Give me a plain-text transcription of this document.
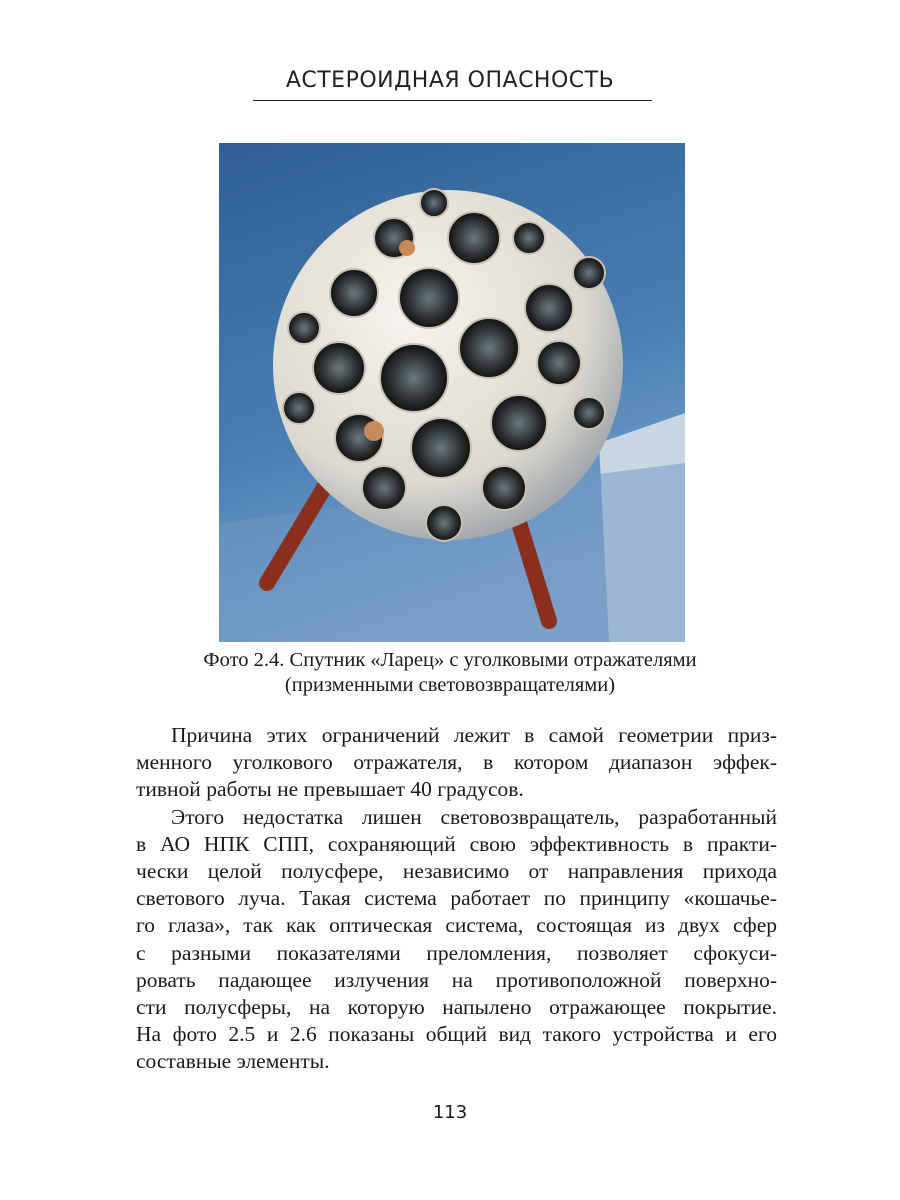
АСТЕРОИДНАЯ ОПАСНОСТЬ
Фото 2.4. Спутник «Ларец» с уголковыми отражателями
(призменными световозвращателями)
Причина этих ограничений лежит в самой геометрии приз-
менного уголкового отражателя, в котором диапазон эффек-
тивной работы не превышает 40 градусов.
Этого недостатка лишен световозвращатель, разработанный
в АО НПК СПП, сохраняющий свою эффективность в практи-
чески целой полусфере, независимо от направления прихода
светового луча. Такая система работает по принципу «кошачье-
го глаза», так как оптическая система, состоящая из двух сфер
с разными показателями преломления, позволяет сфокуси-
ровать падающее излучения на противоположной поверхно-
сти полусферы, на которую напылено отражающее покрытие.
На фото 2.5 и 2.6 показаны общий вид такого устройства и его
составные элементы.
113
